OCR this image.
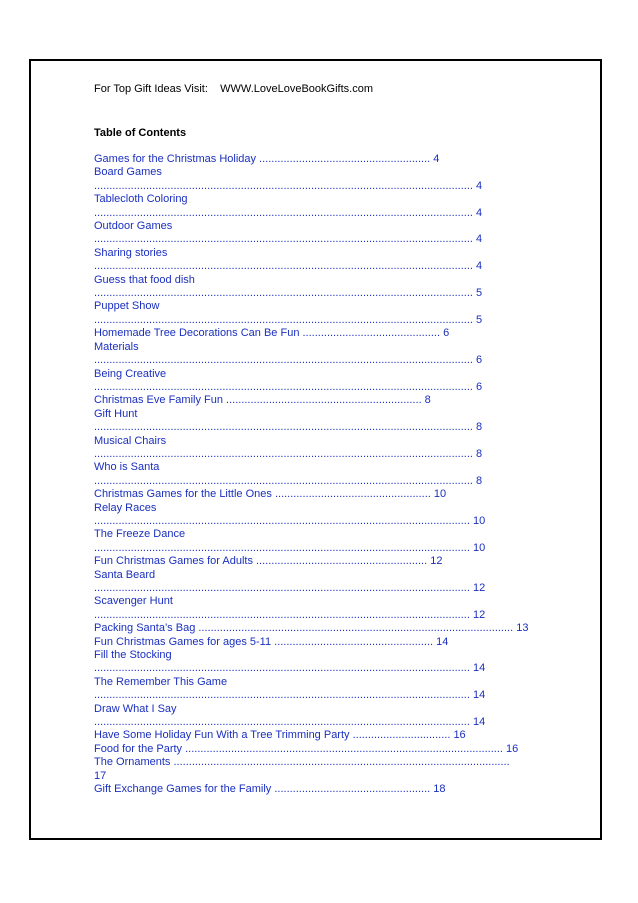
For Top Gift Ideas Visit: WWW.LoveLoveBookGifts.com
Table of Contents
Games for the Christmas Holiday ........................................................ 4
Board Games
............................................................................................................................ 4
Tablecloth Coloring
............................................................................................................................ 4
Outdoor Games
............................................................................................................................ 4
Sharing stories
............................................................................................................................ 4
Guess that food dish
............................................................................................................................ 5
Puppet Show
............................................................................................................................ 5
Homemade Tree Decorations Can Be Fun ............................................. 6
Materials
............................................................................................................................ 6
Being Creative
............................................................................................................................ 6
Christmas Eve Family Fun ................................................................ 8
Gift Hunt
............................................................................................................................ 8
Musical Chairs
............................................................................................................................ 8
Who is Santa
............................................................................................................................ 8
Christmas Games for the Little Ones ................................................... 10
Relay Races
........................................................................................................................... 10
The Freeze Dance
........................................................................................................................... 10
Fun Christmas Games for Adults ........................................................ 12
Santa Beard
........................................................................................................................... 12
Scavenger Hunt
........................................................................................................................... 12
Packing Santa’s Bag ....................................................................................................... 13
Fun Christmas Games for ages 5-11 .................................................... 14
Fill the Stocking
........................................................................................................................... 14
The Remember This Game
........................................................................................................................... 14
Draw What I Say
........................................................................................................................... 14
Have Some Holiday Fun With a Tree Trimming Party ................................ 16
Food for the Party ........................................................................................................ 16
The Ornaments ..............................................................................................................
17
Gift Exchange Games for the Family ................................................... 18
